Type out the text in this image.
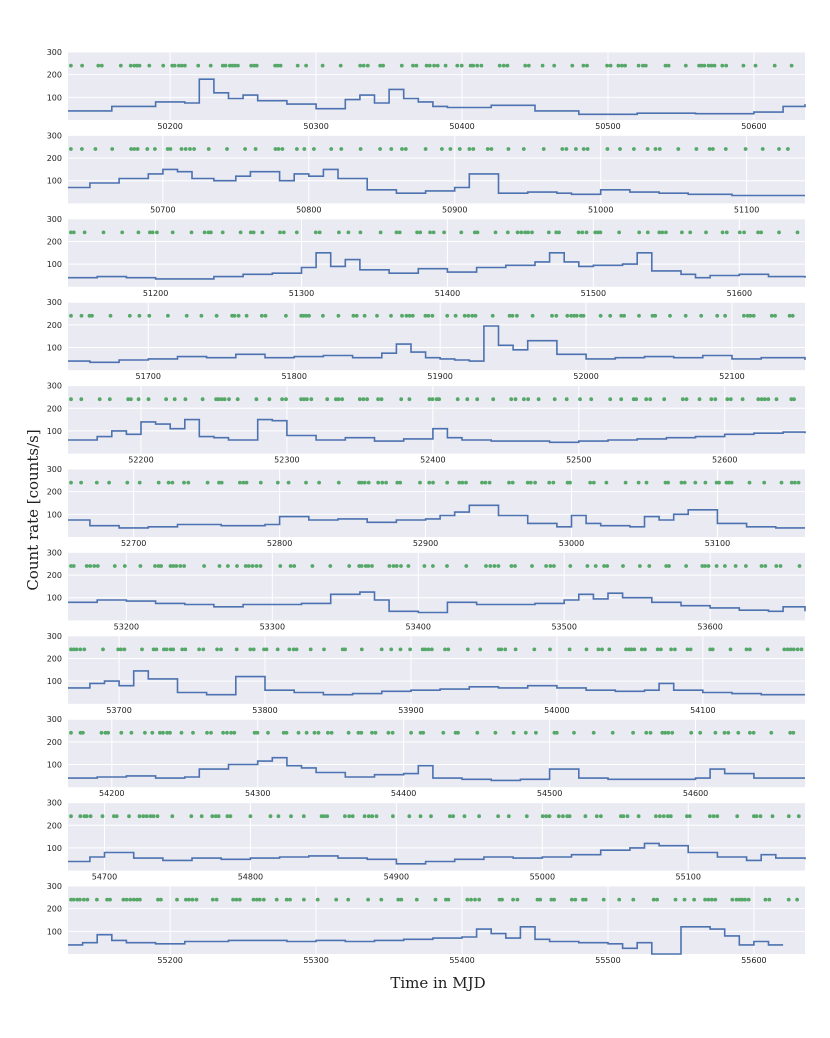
100
200
300
50200	50300	50400	50500	50600
100
200
300
50700	50800	50900	51000	51100
100
200
300
51200	51300	51400	51500	51600
100
200
300
51700	51800	51900	52000	52100
100
200
300
52200	52300	52400	52500	52600
100
200
300
52700	52800	52900	53000	53100
100
200
300
53200	53300	53400	53500	53600
100
200
300
53700	53800	53900	54000	54100
100
200
300
54200	54300	54400	54500	54600
100
200
300
54700	54800	54900	55000	55100
100
200
300
55200	55300	55400	55500	55600
Count rate [counts/s]
Time in MJD
